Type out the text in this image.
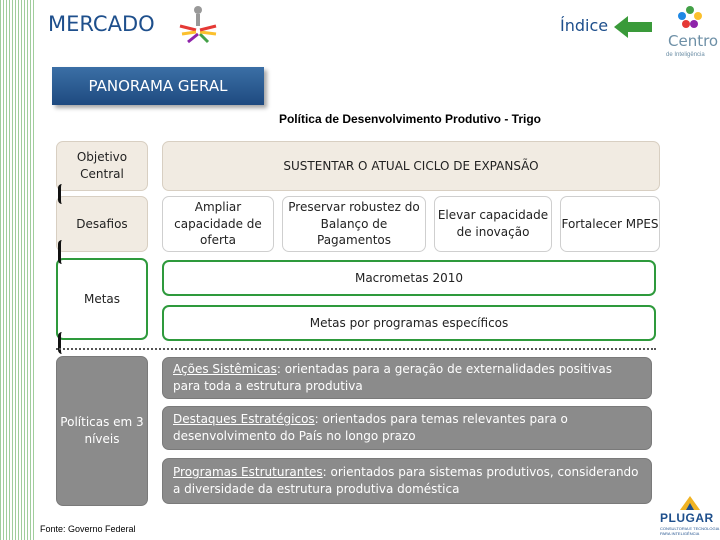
MERCADO	Índice
Centro
de Inteligência
PANORAMA GERAL
Política de Desenvolvimento Produtivo - Trigo
Objetivo Central
Desafios
Metas
Políticas em 3 níveis
SUSTENTAR O ATUAL CICLO DE EXPANSÃO
Ampliar capacidade de oferta
Preservar robustez do Balanço de Pagamentos
Elevar capacidade de inovação
Fortalecer MPES
Macrometas 2010
Metas por programas específicos
Ações Sistêmicas: orientadas para a geração de externalidades positivas para toda a estrutura produtiva
Destaques Estratégicos: orientados para temas relevantes para o desenvolvimento do País no longo prazo
Programas Estruturantes: orientados para sistemas produtivos, considerando a diversidade da estrutura produtiva doméstica
Fonte: Governo Federal
PLUGAR
CONSULTORIA E TECNOLOGIA PARA INTELIGÊNCIA
